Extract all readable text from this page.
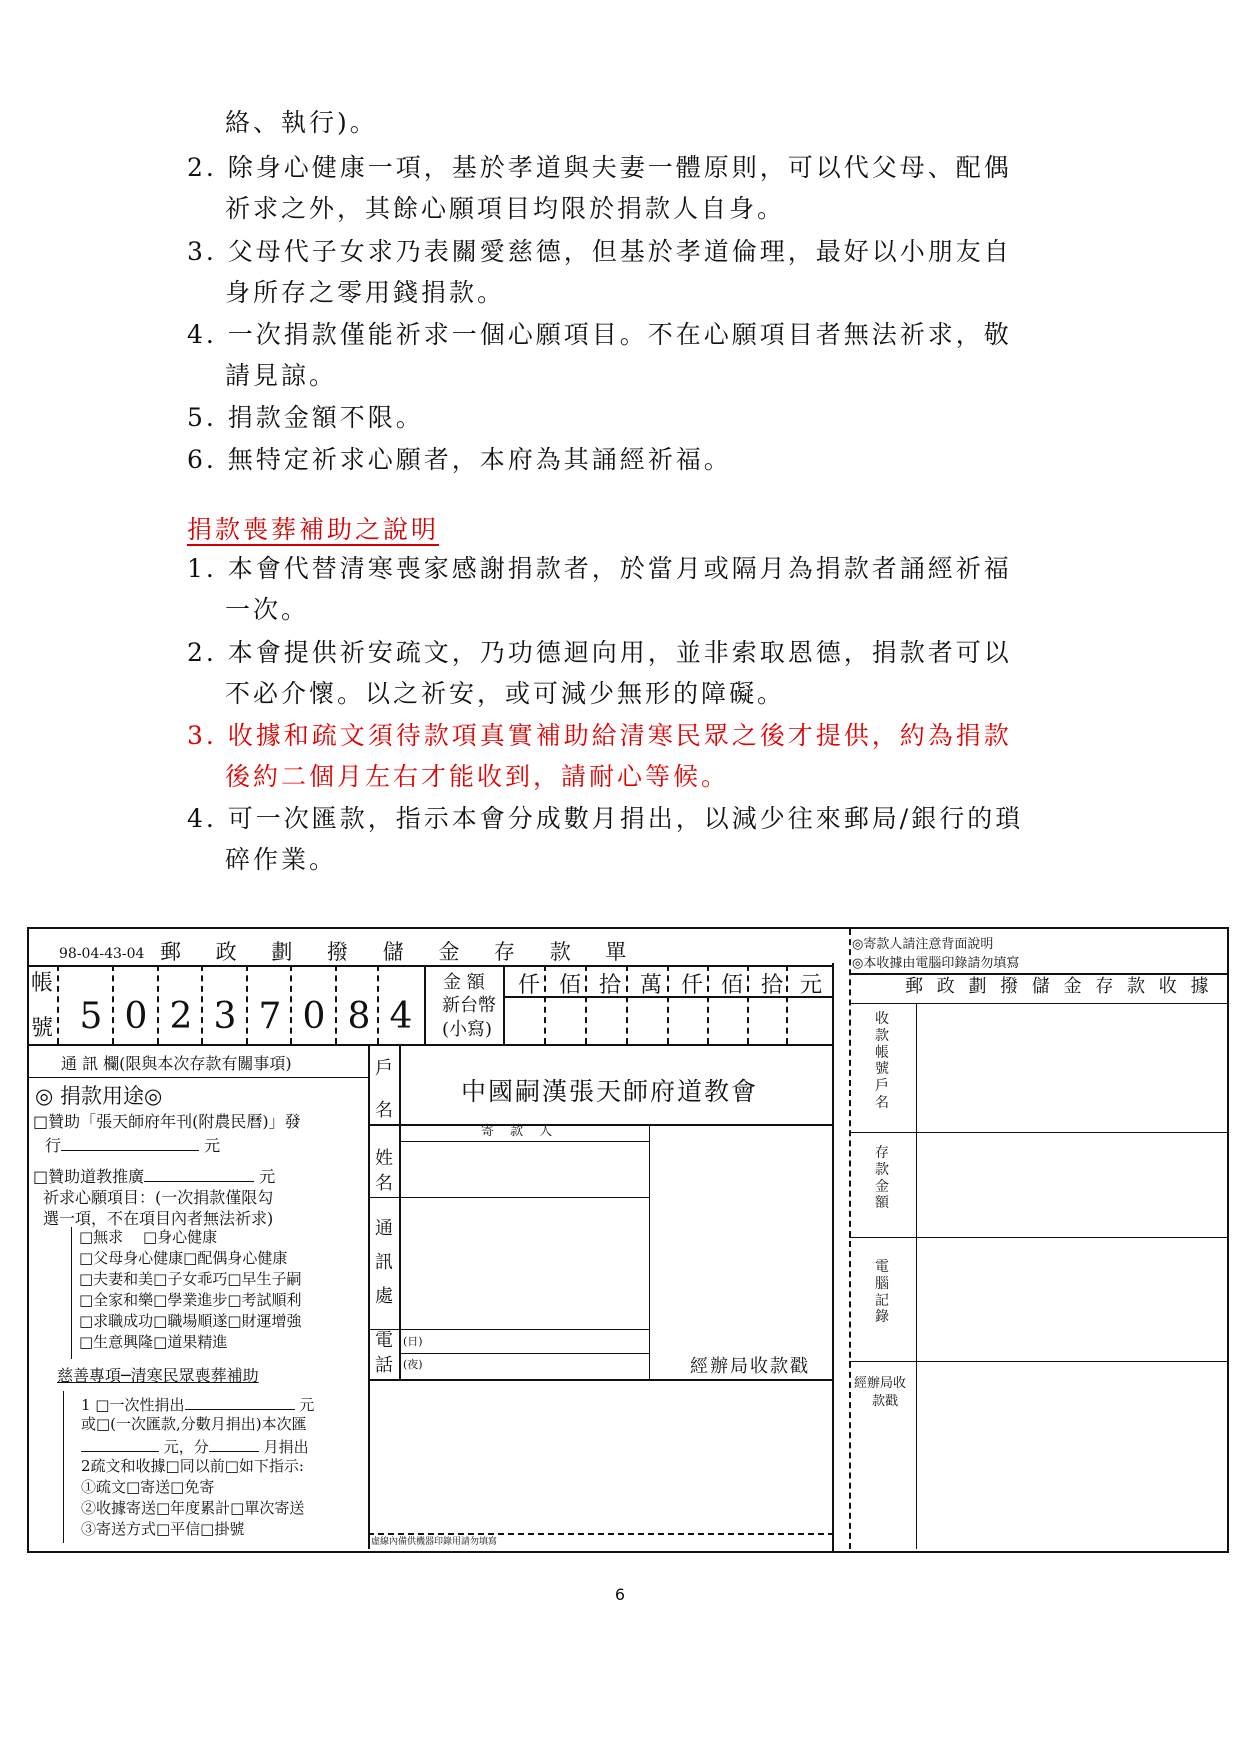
絡、執行)。
2. 除身心健康一項，基於孝道與夫妻一體原則，可以代父母、配偶
祈求之外，其餘心願項目均限於捐款人自身。
3. 父母代子女求乃表關愛慈德，但基於孝道倫理，最好以小朋友自
身所存之零用錢捐款。
4. 一次捐款僅能祈求一個心願項目。不在心願項目者無法祈求，敬
請見諒。
5. 捐款金額不限。
6. 無特定祈求心願者，本府為其誦經祈福。
捐款喪葬補助之說明
1. 本會代替清寒喪家感謝捐款者，於當月或隔月為捐款者誦經祈福
一次。
2. 本會提供祈安疏文，乃功德迴向用，並非索取恩德，捐款者可以
不必介懷。以之祈安，或可減少無形的障礙。
3. 收據和疏文須待款項真實補助給清寒民眾之後才提供，約為捐款
後約二個月左右才能收到，請耐心等候。
4. 可一次匯款，指示本會分成數月捐出，以減少往來郵局/銀行的瑣
碎作業。
98-04-43-04 郵 政 劃 撥 儲 金 存 款 單
帳
號 5 0 2 3 7 0 8 4
金 額
新台幣
(小寫)
仟 佰 拾 萬 仟 佰 拾 元
通 訊 欄(限與本次存款有關事項)
◎ 捐款用途◎
□贊助「張天師府年刊(附農民曆)」發
行	元
□贊助道教推廣	元
祈求心願項目：(一次捐款僅限勾
選一項，不在項目內者無法祈求)
□無求　 □身心健康
□父母身心健康□配偶身心健康
□夫妻和美□子女乖巧□早生子嗣
□全家和樂□學業進步□考試順利
□求職成功□職場順遂□財運增強
□生意興隆□道果精進
慈善專項─清寒民眾喪葬補助
1 □一次性捐出	元
或□(一次匯款,分數月捐出)本次匯
元，分	月捐出
2疏文和收據□同以前□如下指示:
①疏文□寄送□免寄
②收據寄送□年度累計□單次寄送
③寄送方式□平信□掛號
戶
名
中國嗣漢張天師府道教會
寄 款 人
姓
名
通
訊
處
電
話
(日)
(夜)	經辦局收款戳
虛線內備供機器印錄用請勿填寫
◎寄款人請注意背面說明
◎本收據由電腦印錄請勿填寫
郵 政 劃 撥 儲 金 存 款 收 據
收款帳號戶名
存款金額
電腦記錄
經辦局收
款戳
6
